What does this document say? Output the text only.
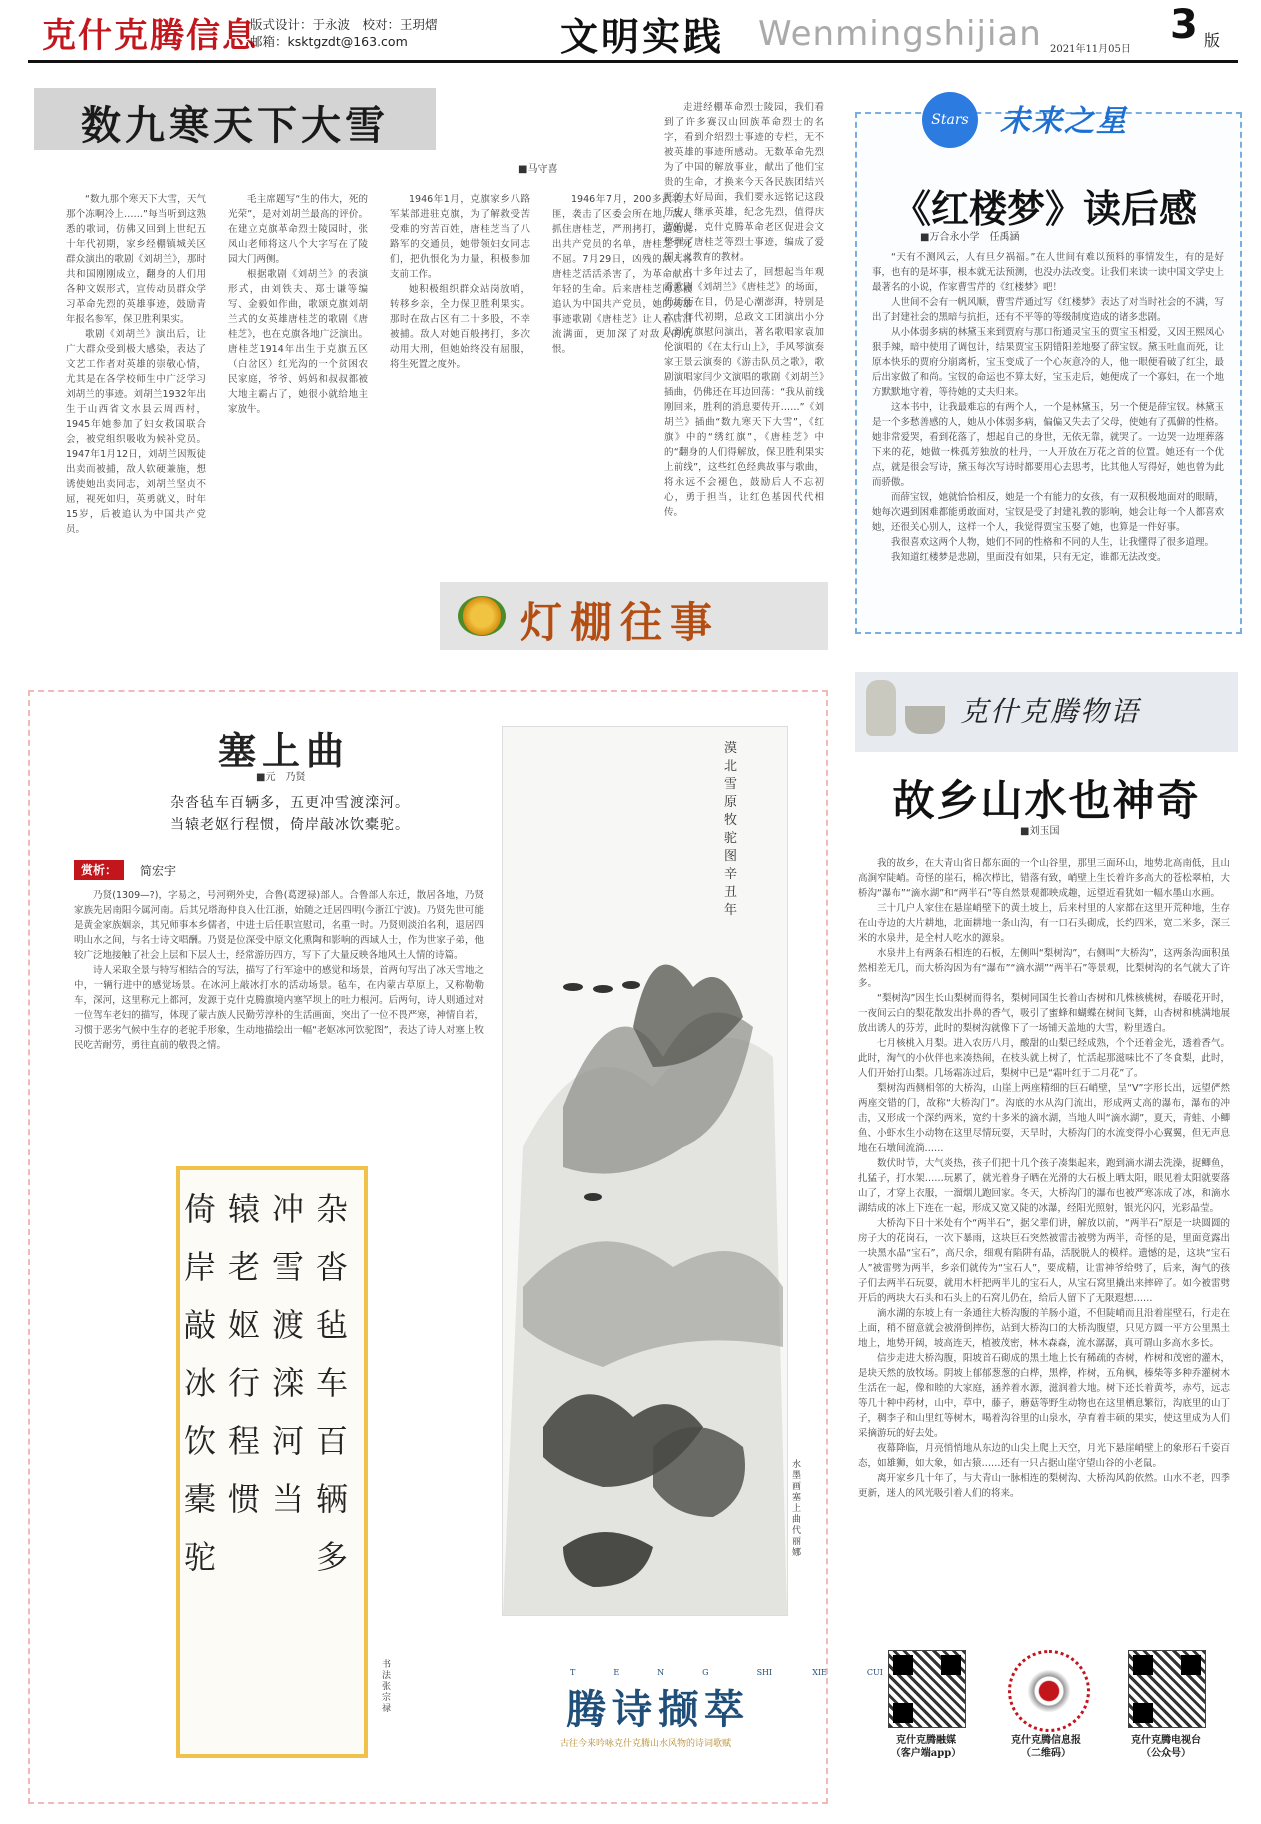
克什克腾信息
版式设计：于永波　校对：王玥熠
邮箱：ksktgzdt@163.com	文明实践 Wenmingshijian 2021年11月05日
3 版
数九寒天下大雪
■马守喜

“数九那个寒天下大雪，天气那个冻啊冷上……”每当听到这熟悉的歌词，仿佛又回到上世纪五十年代初期，家乡经棚镇城关区群众演出的歌剧《刘胡兰》，那时共和国刚刚成立，翻身的人们用各种文娱形式，宣传动员群众学习革命先烈的英雄事迹，鼓励青年报名参军，保卫胜利果实。

歌剧《刘胡兰》演出后，让广大群众受到极大感染，表达了文艺工作者对英雄的崇敬心情，尤其是在各学校师生中广泛学习刘胡兰的事迹。刘胡兰1932年出生于山西省文水县云周西村，1945年她参加了妇女救国联合会，被党组织吸收为候补党员。1947年1月12日，刘胡兰因叛徒出卖而被捕，敌人软硬兼施，想诱使她出卖同志，刘胡兰坚贞不屈，视死如归，英勇就义，时年15岁，后被追认为中国共产党员。

毛主席题写“生的伟大，死的光荣”，是对刘胡兰最高的评价。在建立克旗革命烈士陵园时，张凤山老师将这八个大字写在了陵园大门两侧。

根据歌剧《刘胡兰》的表演形式，由刘铁夫、郑士谦等编写、金毅如作曲，歌颂克旗刘胡兰式的女英雄唐桂芝的歌剧《唐桂芝》，也在克旗各地广泛演出。唐桂芝1914年出生于克旗五区（白岔区）红光沟的一个贫困农民家庭，爷爷、妈妈和叔叔都被大地主霸占了，她很小就给地主家放牛。

1946年1月，克旗家乡八路军某部进驻克旗，为了解救受苦受难的穷苦百姓，唐桂芝当了八路军的交通员，她带领妇女同志们，把仇恨化为力量，积极参加支前工作。

她积极组织群众站岗放哨，转移乡亲，全力保卫胜利果实。那时在敌占区有二十多股，不幸被捕。敌人对她百般拷打，多次动用大刑，但她始终没有屈服，将生死置之度外。

1946年7月，200多武装土匪，袭击了区委会所在地，敌人抓住唐桂芝，严刑拷打，逼她说出共产党员的名单，唐桂芝宁死不屈。7月29日，凶残的敌人将唐桂芝活活杀害了，为革命献出年轻的生命。后来唐桂芝同志被追认为中国共产党员，她的英雄事迹歌剧《唐桂芝》让人看后泪流满面，更加深了对敌人的仇恨。

走进经棚革命烈士陵园，我们看到了许多赛汉山回族革命烈士的名字，看到介绍烈士事迹的专栏，无不被英雄的事迹所感动。无数革命先烈为了中国的解放事业，献出了他们宝贵的生命，才换来今天各民族团结兴旺的大好局面，我们要永远铭记这段历史，继承英雄，纪念先烈，值得庆贺的是，克什克腾革命老区促进会文整理了唐桂芝等烈士事迹，编成了爱国主义教育的教材。

六十多年过去了，回想起当年观看歌剧《刘胡兰》《唐桂芝》的场面，仍历历在目，仍是心潮澎湃，特别是六十年代初期，总政文工团演出小分队到克旗慰问演出，著名歌唱家袁加伦演唱的《在太行山上》，手风琴演奏家王景云演奏的《游击队员之歌》，歌剧演唱家闫少文演唱的歌剧《刘胡兰》插曲，仍佛还在耳边回荡：“我从前线刚回来，胜利的消息要传开……”《刘胡兰》插曲“数九寒天下大雪”，《红旗》中的“绣红旗”，《唐桂芝》中的“翻身的人们得解放，保卫胜利果实上前线”，这些红色经典故事与歌曲，将永远不会褪色，鼓励后人不忘初心，勇于担当，让红色基因代代相传。

灯棚往事
Stars	未来之星
《红楼梦》读后感
■万合永小学　任禹涵

“天有不测风云，人有旦夕祸福。”在人世间有难以预料的事情发生，有的是好事，也有的是坏事，根本就无法预测，也没办法改变。让我们来读一读中国文学史上最著名的小说，作家曹雪芹的《红楼梦》吧！

人世间不会有一帆风顺，曹雪芹通过写《红楼梦》表达了对当时社会的不满，写出了封建社会的黑暗与抗拒，还有不平等的等级制度造成的诸多悲剧。

从小体弱多病的林黛玉来到贾府与那口衔通灵宝玉的贾宝玉相爱，又因王熙凤心狠手辣，暗中使用了调包计，结果贾宝玉阴错阳差地娶了薛宝钗。黛玉吐血而死，让原本快乐的贾府分崩离析，宝玉变成了一个心灰意冷的人，他一眼便看破了红尘，最后出家做了和尚。宝钗的命运也不算太好，宝玉走后，她便成了一个寡妇，在一个地方默默地守着，等待她的丈夫归来。

这本书中，让我最难忘的有两个人，一个是林黛玉，另一个便是薛宝钗。林黛玉是一个多愁善感的人，她从小体弱多病，偏偏又失去了父母，使她有了孤僻的性格。她非常爱哭，看到花落了，想起自己的身世，无依无靠，就哭了。一边哭一边埋葬落下来的花，她做一株孤芳独放的杜丹，一人开放在万花之首的位置。她还有一个优点，就是很会写诗，黛玉每次写诗时都要用心去思考，比其他人写得好，她也曾为此而骄傲。

而薛宝钗，她就恰恰相反，她是一个有能力的女孩，有一双积极地面对的眼睛，她每次遇到困难都能勇敢面对，宝钗是受了封建礼教的影响，她会让每一个人都喜欢她，还很关心别人，这样一个人，我觉得贾宝玉娶了她，也算是一件好事。

我很喜欢这两个人物，她们不同的性格和不同的人生，让我懂得了很多道理。

我知道红楼梦是悲剧，里面没有如果，只有无定，谁都无法改变。

塞上曲
■元　乃贤
杂沓毡车百辆多，五更冲雪渡滦河。
当辕老妪行程惯，倚岸敲冰饮橐驼。
赏析：	简宏宇

乃贤(1309—?)，字易之，号河朔外史，合鲁(葛逻禄)部人。合鲁部人东迁，散居各地，乃贤家族先居南阳今属河南。后其兄塔海仲良入仕江浙，始随之迁居四明(今浙江宁波)。乃贤先世可能是黄金家族姻亲，其兄师事本乡儒者，中进士后任职宣慰司，名重一时。乃贤则淡泊名利，退居四明山水之间，与名士诗文唱酬。乃贤是位深受中原文化熏陶和影响的西域人士，作为世家子弟，他较广泛地接触了社会上层和下层人士，经常游历四方，写下了大量反映各地风土人情的诗篇。

诗人采取全景与特写相结合的写法，描写了行军途中的感觉和场景，首两句写出了冰天雪地之中，一辆行进中的感觉场景。在冰河上敲冰打水的活动场景。毡车，在内蒙古草原上，又称勒勒车，深河，这里称元上都河，发源于克什克腾旗境内塞罕坝上的吐力根河。后两句，诗人则通过对一位驾车老妇的描写，体现了蒙古族人民勤劳淳朴的生活画面，突出了一位不畏严寒，神情自若，习惯于恶劣气候中生存的老驼手形象，生动地描绘出一幅“老妪冰河饮驼图”，表达了诗人对塞上牧民吃苦耐劳，勇往直前的敬畏之情。

杂沓毡车百辆多
冲雪渡滦河当
辕老妪行程惯
倚岸敲冰饮橐驼
书法　张宗禄
漠北雪原牧驼图 辛丑年
水墨画　塞上曲　代丽娜
TENG SHI	XIE	CUI
腾诗撷萃
古往今来吟咏克什克腾山水风物的诗词歌赋
克什克腾物语
故乡山水也神奇
■刘玉国

我的故乡，在大青山省日都东面的一个山谷里，那里三面环山，地势北高南低，且山高涧窄陡峭。奇怪的崖石，棉次栉比，错落有致，峭壁上生长着许多高大的苍松翠柏，大桥沟“瀑布”“滴水湖”和“两半石”等自然景观都映成趣，远望近看犹如一幅水墨山水画。

三十几户人家住在悬崖峭壁下的黄土坡上，后来村里的人家都在这里开荒种地，生存在山寺边的大片耕地，北面耕地一条山沟，有一口石头砌成，长约四米，宽二米多，深三米的水泉井，是全村人吃水的源泉。

水泉井上有两条石相连的石板，左侧叫“梨树沟”，右侧叫“大桥沟”，这两条沟面积虽然相差无几，而大桥沟因为有“瀑布”“滴水湖”“两半石”等景观，比梨树沟的名气就大了许多。

“梨树沟”因生长山梨树而得名，梨树同国生长着山杏树和几株核桃树，春暖花开时，一夜间云白的梨花散发出扑鼻的香气，吸引了蜜蜂和蝴蝶在树间飞舞，山杏树和桃满地展放出诱人的芬芳，此时的梨树沟就像下了一场铺天盖地的大雪，粉里透白。

七月核桃入月梨。进入农历八月，酸甜的山梨已经成熟，个个还着金光，透着香气。此时，淘气的小伙伴也来凑热闹，在枝头就上树了，忙活起那滋味比不了冬食梨，此时，人们开始打山梨。几场霜冻过后，梨树中已是“霜叶红于二月花”了。

梨树沟西侧相邻的大桥沟，山崖上两座精细的巨石峭壁，呈“V”字形长出，远望俨然两座交错的门，故称“大桥沟门”。沟底的水从沟门流出，形成两丈高的瀑布，瀑布的冲击，又形成一个深约两米，宽约十多米的滴水湖，当地人叫“滴水湖”，夏天，青蛙、小鲫鱼、小虾水生小动物在这里尽情玩耍，天旱时，大桥沟门的水流变得小心翼翼，但无声息地在石墩间流淌……

数伏时节，大气炎热，孩子们把十几个孩子凑集起来，跑到滴水湖去洗澡，捉鲫鱼，扎猛子，打水架……玩累了，就光着身子晒在光滑的大石板上晒太阳，眼见着太阳就要落山了，才穿上衣服，一溜烟儿跑回家。冬天，大桥沟门的瀑布也被严寒冻成了冰，和滴水湖结成的冰上下连在一起，形成又宽又陡的冰瀑，经阳光照射，银光闪闪，光彩晶莹。

大桥沟下日十米处有个“两半石”，据父辈们讲，解放以前，“两半石”原是一块圆圆的房子大的花岗石，一次下暴雨，这块巨石突然被雷击被劈为两半，奇怪的是，里面竟露出一块黑水晶“宝石”，高尺余，细观有陷阱有晶，活脱脱人的模样。遗憾的是，这块“宝石人”被雷劈为两半，乡亲们就传为“宝石人”，要成精，让雷神爷给劈了，后来，淘气的孩子们去两半石玩耍，就用木杆把两半儿的宝石人，从宝石窝里撬出来摔碎了。如今被雷劈开后的两块大石头和石头上的石窝儿仍在，给后人留下了无限遐想……

滴水湖的东坡上有一条通往大桥沟腹的羊肠小道，不但陡峭而且沿着崖壁石，行走在上面，稍不留意就会被滑倒摔伤，站到大桥沟口的大桥沟腹望，只见方圆一平方公里黑土地上，地势开阔，坡高连天，植被茂密，林木森森，流水潺潺，真可谓山多高水多长。

信步走进大桥沟腹，阳坡首石砌成的黑土地上长有稀疏的杏树，柞树和茂密的灌木，是块天然的放牧场。阴坡上郁郁葱葱的白桦，黑桦，柞树，五角枫，榛柴等多种乔灌树木生活在一起，像和睦的大家庭，涵养着水源，滋润着大地。树下还长着黄芩，赤芍，远志等几十种中药材，山中，草中，藤子，蘑菇等野生动物也在这里栖息繁衍，沟底里的山丁子，稠李子和山里红等树木，喝着沟谷里的山泉水，孕育着丰硕的果实，使这里成为人们采摘游玩的好去处。

夜幕降临，月亮悄悄地从东边的山尖上爬上天空，月光下悬崖峭壁上的象形石千姿百态，如雄狮，如大象，如古猿……还有一只占据山崖守望山谷的小老鼠。

离开家乡几十年了，与大青山一脉相连的梨树沟、大桥沟风韵依然。山水不老，四季更新，迷人的风光吸引着人们的将来。

克什克腾融媒
（客户端app）
克什克腾信息报
（二维码）
克什克腾电视台
（公众号）
